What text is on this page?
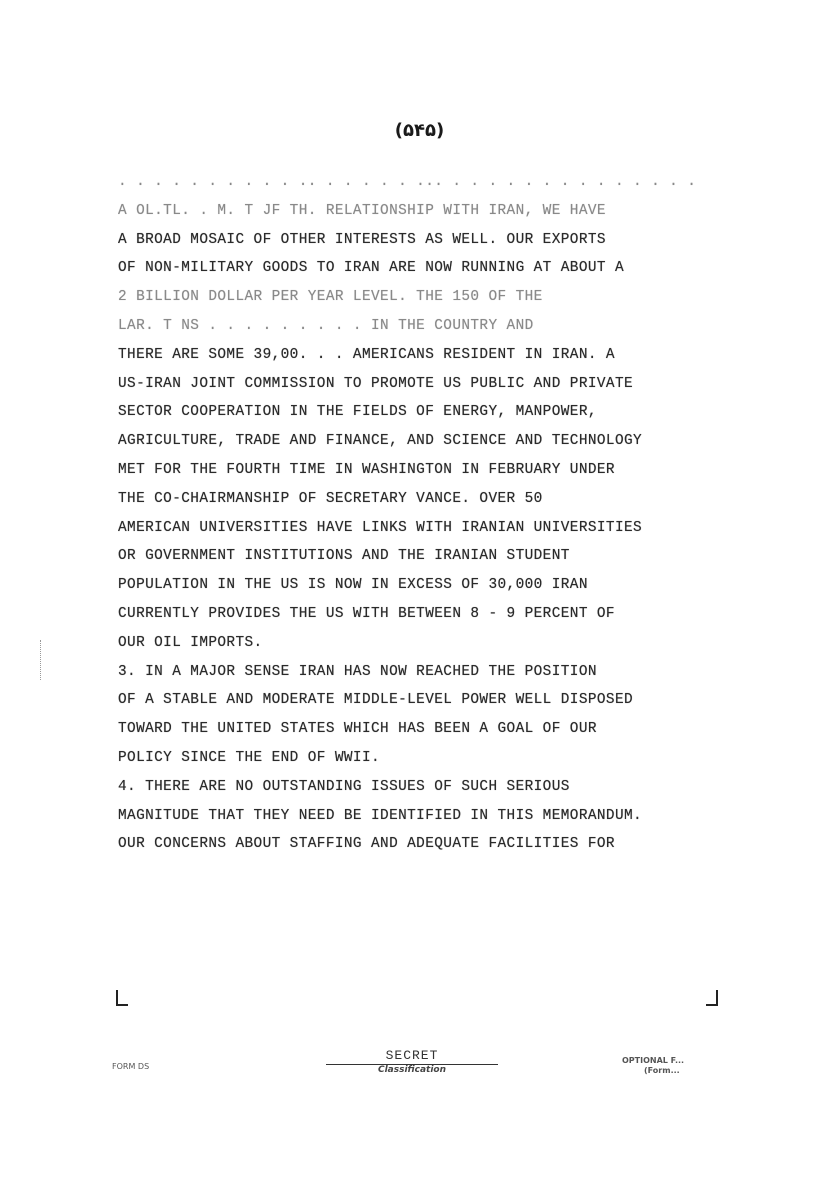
(۵۴۵)
. . . . . . . . . . .. . . . . . ... . . . . . . . . . . . . . .
A OL.TL. . M. T JF TH. RELATIONSHIP WITH IRAN, WE HAVE
A BROAD MOSAIC OF OTHER INTERESTS AS WELL. OUR EXPORTS
OF NON-MILITARY GOODS TO IRAN ARE NOW RUNNING AT ABOUT A
2 BILLION DOLLAR PER YEAR LEVEL. THE 150 OF THE
LAR. T NS . . . . . . . . . IN THE COUNTRY AND
THERE ARE SOME 39,00. . . AMERICANS RESIDENT IN IRAN. A
US-IRAN JOINT COMMISSION TO PROMOTE US PUBLIC AND PRIVATE
SECTOR COOPERATION IN THE FIELDS OF ENERGY, MANPOWER,
AGRICULTURE, TRADE AND FINANCE, AND SCIENCE AND TECHNOLOGY
MET FOR THE FOURTH TIME IN WASHINGTON IN FEBRUARY UNDER
THE CO-CHAIRMANSHIP OF SECRETARY VANCE. OVER 50
AMERICAN UNIVERSITIES HAVE LINKS WITH IRANIAN UNIVERSITIES
OR GOVERNMENT INSTITUTIONS AND THE IRANIAN STUDENT
POPULATION IN THE US IS NOW IN EXCESS OF 30,000 IRAN
CURRENTLY PROVIDES THE US WITH BETWEEN 8 - 9 PERCENT OF
OUR OIL IMPORTS.
3. IN A MAJOR SENSE IRAN HAS NOW REACHED THE POSITION
OF A STABLE AND MODERATE MIDDLE-LEVEL POWER WELL DISPOSED
TOWARD THE UNITED STATES WHICH HAS BEEN A GOAL OF OUR
POLICY SINCE THE END OF WWII.
4. THERE ARE NO OUTSTANDING ISSUES OF SUCH SERIOUS
MAGNITUDE THAT THEY NEED BE IDENTIFIED IN THIS MEMORANDUM.
OUR CONCERNS ABOUT STAFFING AND ADEQUATE FACILITIES FOR
FORM DS
SECRET
Classification
OPTIONAL F...
(Form...
